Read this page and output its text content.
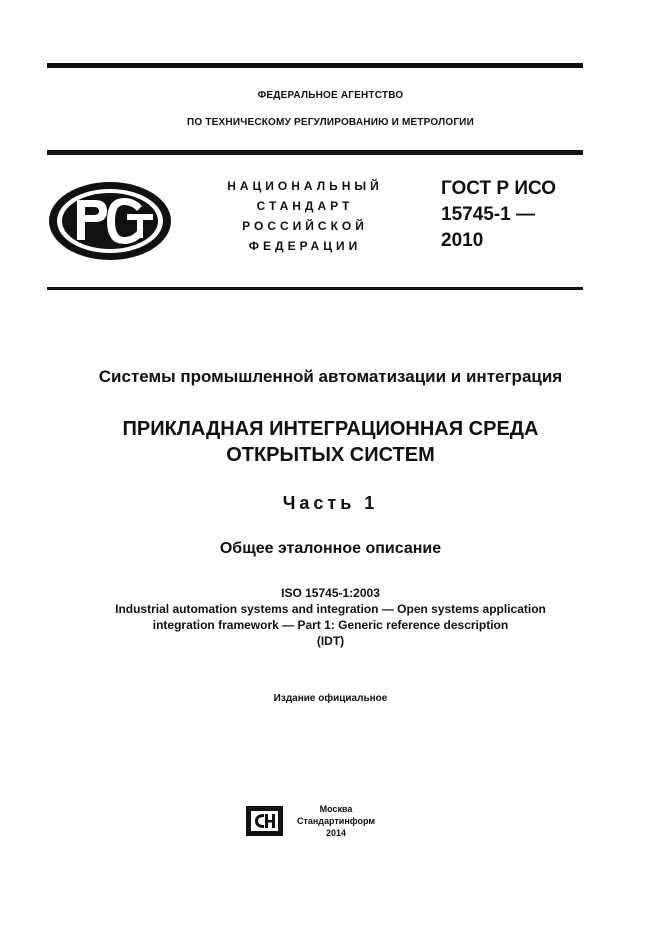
ФЕДЕРАЛЬНОЕ АГЕНТСТВО
ПО ТЕХНИЧЕСКОМУ РЕГУЛИРОВАНИЮ И МЕТРОЛОГИИ
НАЦИОНАЛЬНЫЙ
СТАНДАРТ
РОССИЙСКОЙ
ФЕДЕРАЦИИ
ГОСТ Р ИСО
15745-1 —
2010
Системы промышленной автоматизации и интеграция
ПРИКЛАДНАЯ ИНТЕГРАЦИОННАЯ СРЕДА
ОТКРЫТЫХ СИСТЕМ
Часть 1
Общее эталонное описание
ISO 15745-1:2003
Industrial automation systems and integration — Open systems application
integration framework — Part 1: Generic reference description
(IDT)
Издание официальное
Москва
Стандартинформ
2014
